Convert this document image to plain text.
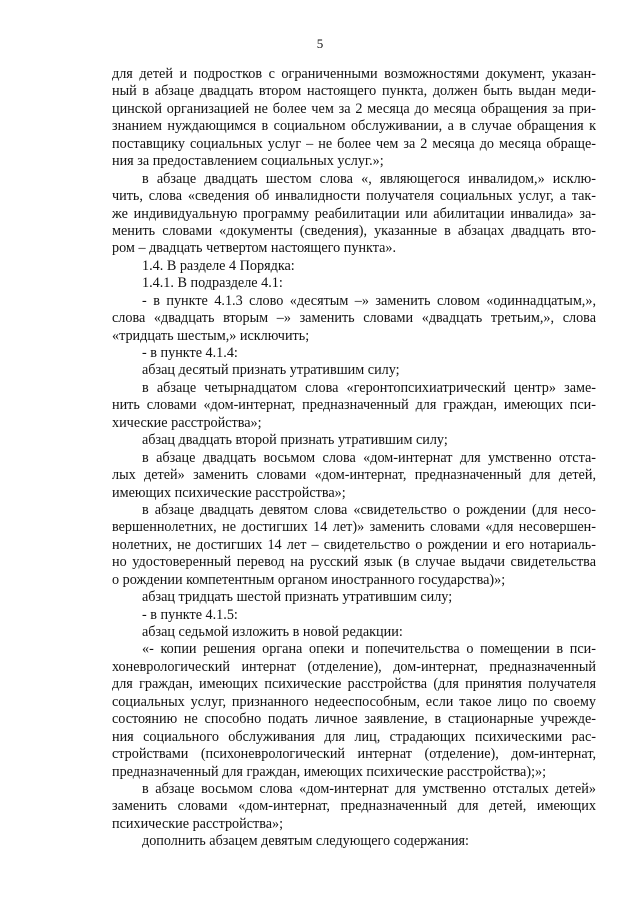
5
для детей и подростков с ограниченными возможностями документ, указан-
ный в абзаце двадцать втором настоящего пункта, должен быть выдан меди-
цинской организацией не более чем за 2 месяца до месяца обращения за при-
знанием нуждающимся в социальном обслуживании, а в случае обращения к
поставщику социальных услуг – не более чем за 2 месяца до месяца обраще-
ния за предоставлением социальных услуг.»;
в абзаце двадцать шестом слова «, являющегося инвалидом,» исклю-
чить, слова «сведения об инвалидности получателя социальных услуг, а так-
же индивидуальную программу реабилитации или абилитации инвалида» за-
менить словами «документы (сведения), указанные в абзацах двадцать вто-
ром – двадцать четвертом настоящего пункта».
1.4. В разделе 4 Порядка:
1.4.1. В подразделе 4.1:
- в пункте 4.1.3 слово «десятым –» заменить словом «одиннадцатым,»,
слова «двадцать вторым –» заменить словами «двадцать третьим,», слова
«тридцать шестым,» исключить;
- в пункте 4.1.4:
абзац десятый признать утратившим силу;
в абзаце четырнадцатом слова «геронтопсихиатрический центр» заме-
нить словами «дом-интернат, предназначенный для граждан, имеющих пси-
хические расстройства»;
абзац двадцать второй признать утратившим силу;
в абзаце двадцать восьмом слова «дом-интернат для умственно отста-
лых детей» заменить словами «дом-интернат, предназначенный для детей,
имеющих психические расстройства»;
в абзаце двадцать девятом слова «свидетельство о рождении (для несо-
вершеннолетних, не достигших 14 лет)» заменить словами «для несовершен-
нолетних, не достигших 14 лет – свидетельство о рождении и его нотариаль-
но удостоверенный перевод на русский язык (в случае выдачи свидетельства
о рождении компетентным органом иностранного государства)»;
абзац тридцать шестой признать утратившим силу;
- в пункте 4.1.5:
абзац седьмой изложить в новой редакции:
«- копии решения органа опеки и попечительства о помещении в пси-
хоневрологический интернат (отделение), дом-интернат, предназначенный
для граждан, имеющих психические расстройства (для принятия получателя
социальных услуг, признанного недееспособным, если такое лицо по своему
состоянию не способно подать личное заявление, в стационарные учрежде-
ния социального обслуживания для лиц, страдающих психическими рас-
стройствами (психоневрологический интернат (отделение), дом-интернат,
предназначенный для граждан, имеющих психические расстройства);»;
в абзаце восьмом слова «дом-интернат для умственно отсталых детей»
заменить словами «дом-интернат, предназначенный для детей, имеющих
психические расстройства»;
дополнить абзацем девятым следующего содержания:
